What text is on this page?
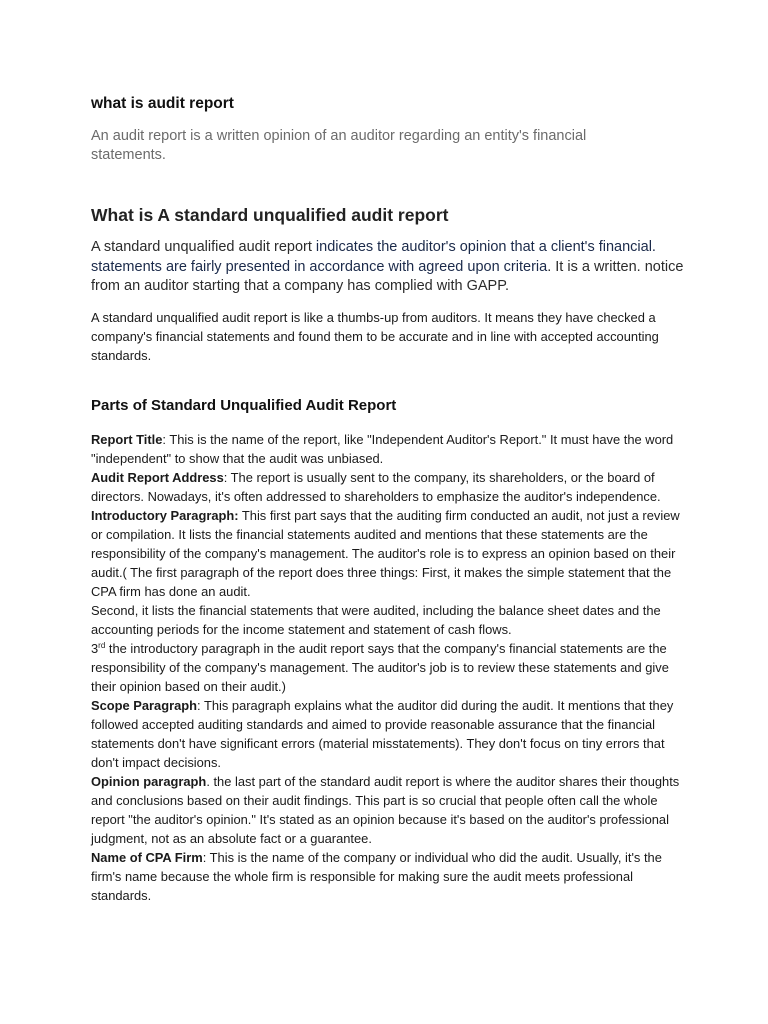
what is audit report

An audit report is a written opinion of an auditor regarding an entity's financial statements.

What is A standard unqualified audit report

A standard unqualified audit report indicates the auditor's opinion that a client's financial. statements are fairly presented in accordance with agreed upon criteria. It is a written. notice from an auditor starting that a company has complied with GAPP.

A standard unqualified audit report is like a thumbs-up from auditors. It means they have checked a company's financial statements and found them to be accurate and in line with accepted accounting standards.

Parts of Standard Unqualified Audit Report

Report Title: This is the name of the report, like "Independent Auditor's Report." It must have the word "independent" to show that the audit was unbiased.

Audit Report Address: The report is usually sent to the company, its shareholders, or the board of directors. Nowadays, it's often addressed to shareholders to emphasize the auditor's independence.

Introductory Paragraph: This first part says that the auditing firm conducted an audit, not just a review or compilation. It lists the financial statements audited and mentions that these statements are the responsibility of the company's management. The auditor's role is to express an opinion based on their audit.( The first paragraph of the report does three things: First, it makes the simple statement that the CPA firm has done an audit.

Second, it lists the financial statements that were audited, including the balance sheet dates and the accounting periods for the income statement and statement of cash flows.

3rd the introductory paragraph in the audit report says that the company's financial statements are the responsibility of the company's management. The auditor's job is to review these statements and give their opinion based on their audit.)

Scope Paragraph: This paragraph explains what the auditor did during the audit. It mentions that they followed accepted auditing standards and aimed to provide reasonable assurance that the financial statements don't have significant errors (material misstatements). They don't focus on tiny errors that don't impact decisions.

Opinion paragraph. the last part of the standard audit report is where the auditor shares their thoughts and conclusions based on their audit findings. This part is so crucial that people often call the whole report "the auditor's opinion." It's stated as an opinion because it's based on the auditor's professional judgment, not as an absolute fact or a guarantee.

Name of CPA Firm: This is the name of the company or individual who did the audit. Usually, it's the firm's name because the whole firm is responsible for making sure the audit meets professional standards.
